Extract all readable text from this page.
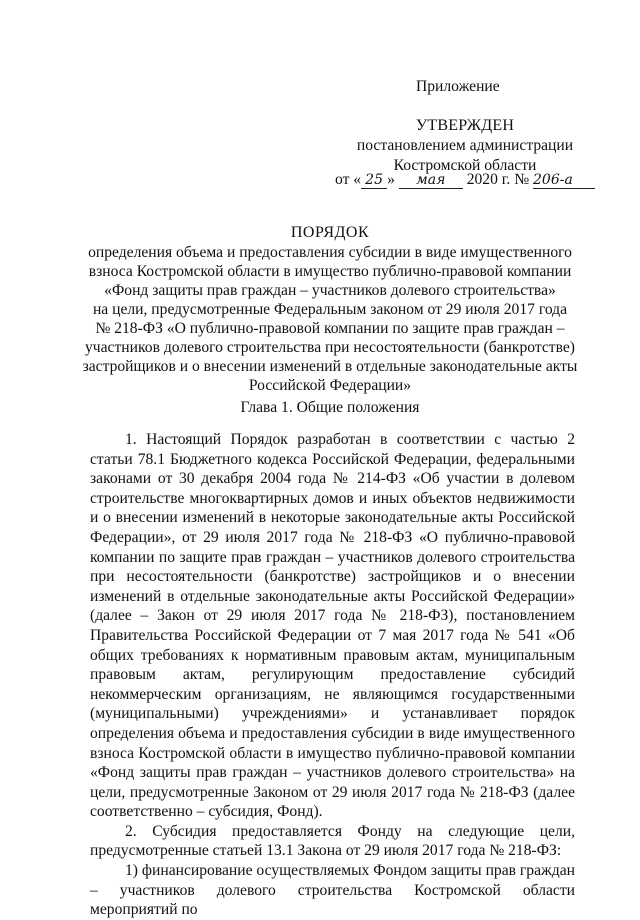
Приложение
УТВЕРЖДЕН
постановлением администрации
Костромской области
от « 25 » мая 2020 г. № 206-а
ПОРЯДОК
определения объема и предоставления субсидии в виде имущественного
взноса Костромской области в имущество публично-правовой компании
«Фонд защиты прав граждан – участников долевого строительства»
на цели, предусмотренные Федеральным законом от 29 июля 2017 года
№ 218-ФЗ «О публично-правовой компании по защите прав граждан –
участников долевого строительства при несостоятельности (банкротстве)
застройщиков и о внесении изменений в отдельные законодательные акты
Российской Федерации»
Глава 1. Общие положения

1. Настоящий Порядок разработан в соответствии с частью 2 статьи 78.1 Бюджетного кодекса Российской Федерации, федеральными законами от 30 декабря 2004 года № 214-ФЗ «Об участии в долевом строительстве многоквартирных домов и иных объектов недвижимости и о внесении изменений в некоторые законодательные акты Российской Федерации», от 29 июля 2017 года № 218-ФЗ «О публично-правовой компании по защите прав граждан – участников долевого строительства при несостоятельности (банкротстве) застройщиков и о внесении изменений в отдельные законодательные акты Российской Федерации» (далее – Закон от 29 июля 2017 года № 218-ФЗ), постановлением Правительства Российской Федерации от 7 мая 2017 года № 541 «Об общих требованиях к нормативным правовым актам, муниципальным правовым актам, регулирующим предоставление субсидий некоммерческим организациям, не являющимся государственными (муниципальными) учреждениями» и устанавливает порядок определения объема и предоставления субсидии в виде имущественного взноса Костромской области в имущество публично-правовой компании «Фонд защиты прав граждан – участников долевого строительства» на цели, предусмотренные Законом от 29 июля 2017 года № 218-ФЗ (далее соответственно – субсидия, Фонд).

2. Субсидия предоставляется Фонду на следующие цели, предусмотренные статьей 13.1 Закона от 29 июля 2017 года № 218-ФЗ:

1) финансирование осуществляемых Фондом защиты прав граждан – участников долевого строительства Костромской области мероприятий по
